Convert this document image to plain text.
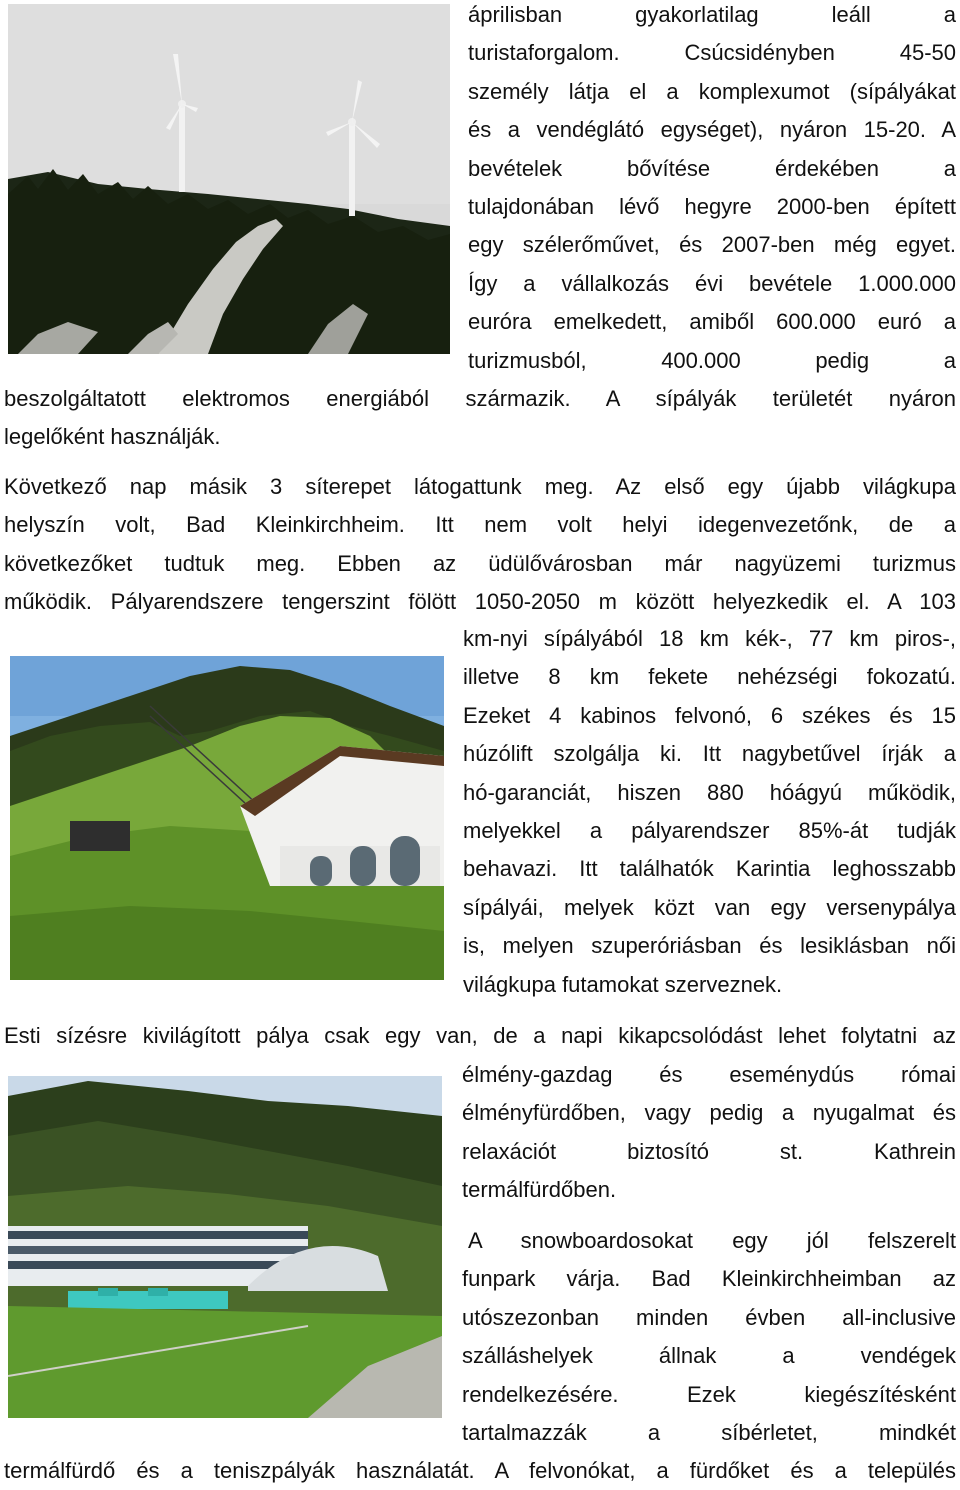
áprilisban gyakorlatilag leáll a
turistaforgalom. Csúcsidényben 45-50
személy látja el a komplexumot (sípályákat
és a vendéglátó egységet), nyáron 15-20. A
bevételek bővítése érdekében a
tulajdonában lévő hegyre 2000-ben épített
egy szélerőművet, és 2007-ben még egyet.
Így a vállalkozás évi bevétele 1.000.000
euróra emelkedett, amiből 600.000 euró a
turizmusból, 400.000 pedig a
beszolgáltatott elektromos energiából származik. A sípályák területét nyáron
legelőként használják.
Következő nap másik 3 síterepet látogattunk meg. Az első egy újabb világkupa
helyszín volt, Bad Kleinkirchheim. Itt nem volt helyi idegenvezetőnk, de a
következőket tudtuk meg. Ebben az üdülővárosban már nagyüzemi turizmus
működik. Pályarendszere tengerszint fölött 1050-2050 m között helyezkedik el. A 103
km-nyi sípályából 18 km kék-, 77 km piros-,
illetve 8 km fekete nehézségi fokozatú.
Ezeket 4 kabinos felvonó, 6 székes és 15
húzólift szolgálja ki. Itt nagybetűvel írják a
hó-garanciát, hiszen 880 hóágyú működik,
melyekkel a pályarendszer 85%-át tudják
behavazi. Itt találhatók Karintia leghosszabb
sípályái, melyek közt van egy versenypálya
is, melyen szuperóriásban és lesiklásban női
világkupa futamokat szerveznek.
Esti sízésre kivilágított pálya csak egy van, de a napi kikapcsolódást lehet folytatni az
élmény-gazdag és eseménydús római
élményfürdőben, vagy pedig a nyugalmat és
relaxációt biztosító st. Kathrein
termálfürdőben.
A snowboardosokat egy jól felszerelt
funpark várja. Bad Kleinkirchheimban az
utószezonban minden évben all-inclusive
szálláshelyek állnak a vendégek
rendelkezésére. Ezek kiegészítésként
tartalmazzák a síbérletet, mindkét
termálfürdő és a teniszpályák használatát. A felvonókat, a fürdőket és a település
